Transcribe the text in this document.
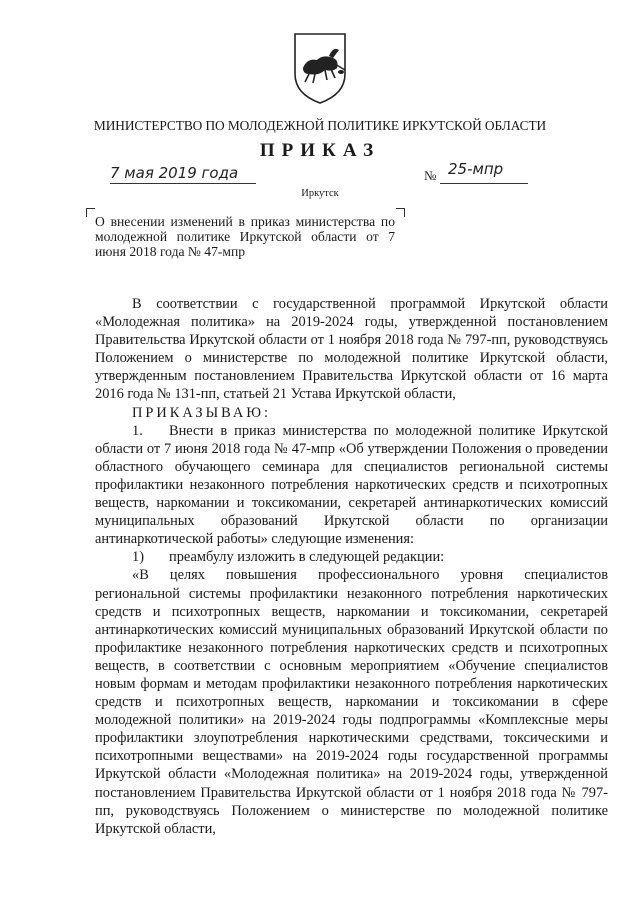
МИНИСТЕРСТВО ПО МОЛОДЕЖНОЙ ПОЛИТИКЕ ИРКУТСКОЙ ОБЛАСТИ
ПРИКАЗ
7 мая 2019 года	№ 25-мпр
Иркутск
О внесении изменений в приказ министерства по молодежной политике Иркутской области от 7 июня 2018 года № 47-мпр

В соответствии с государственной программой Иркутской области «Молодежная политика» на 2019-2024 годы, утвержденной постановлением Правительства Иркутской области от 1 ноября 2018 года № 797-пп, руководствуясь Положением о министерстве по молодежной политике Иркутской области, утвержденным постановлением Правительства Иркутской области от 16 марта 2016 года № 131-пп, статьей 21 Устава Иркутской области,

ПРИКАЗЫВАЮ:

1. Внести в приказ министерства по молодежной политике Иркутской области от 7 июня 2018 года № 47-мпр «Об утверждении Положения о проведении областного обучающего семинара для специалистов региональной системы профилактики незаконного потребления наркотических средств и психотропных веществ, наркомании и токсикомании, секретарей антинаркотических комиссий муниципальных образований Иркутской области по организации антинаркотической работы» следующие изменения:

1) преамбулу изложить в следующей редакции:

«В целях повышения профессионального уровня специалистов региональной системы профилактики незаконного потребления наркотических средств и психотропных веществ, наркомании и токсикомании, секретарей антинаркотических комиссий муниципальных образований Иркутской области по профилактике незаконного потребления наркотических средств и психотропных веществ, в соответствии с основным мероприятием «Обучение специалистов новым формам и методам профилактики незаконного потребления наркотических средств и психотропных веществ, наркомании и токсикомании в сфере молодежной политики» на 2019-2024 годы подпрограммы «Комплексные меры профилактики злоупотребления наркотическими средствами, токсическими и психотропными веществами» на 2019-2024 годы государственной программы Иркутской области «Молодежная политика» на 2019-2024 годы, утвержденной постановлением Правительства Иркутской области от 1 ноября 2018 года № 797-пп, руководствуясь Положением о министерстве по молодежной политике Иркутской области,
